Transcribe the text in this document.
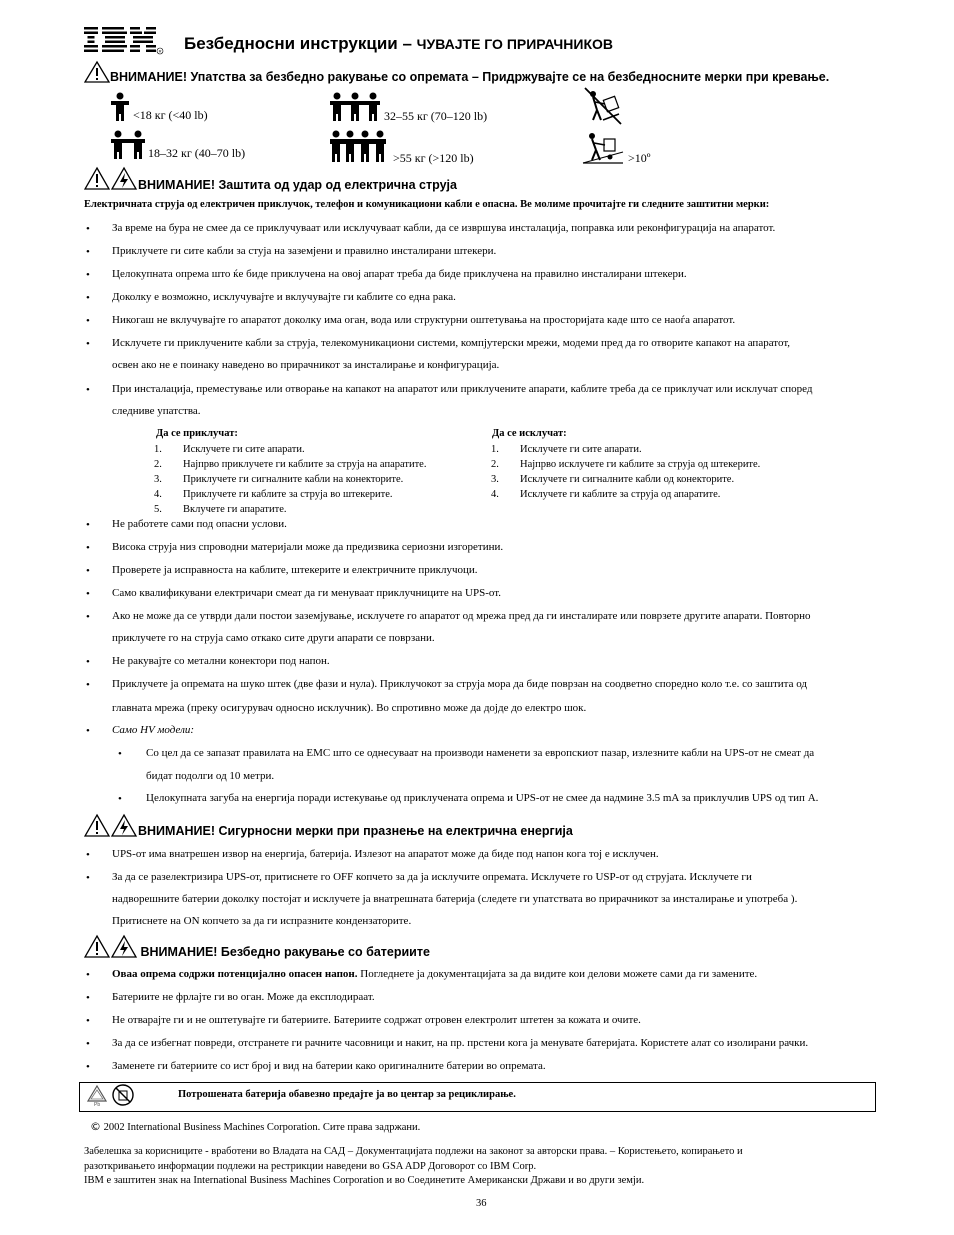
R Безбедносни инструкции – ЧУВАЈТЕ ГО ПРИРАЧНИКОВ
ВНИМАНИЕ! Упатства за безбедно ракување со опремата – Придржувајте се на безбедносните мерки при кревање.
<18 кг (<40 lb)
18–32 кг (40–70 lb)
32–55 кг (70–120 lb)
>55 кг (>120 lb)	>10º
ВНИМАНИЕ! Заштита од удар од електрична струја
Електричната струја од електричен приклучок, телефон и комуникациони кабли е опасна. Ве молиме прочитајте ги следните заштитни мерки:
•	За време на бура не смее да се приклучуваат или исклучуваат кабли, да се извршува инсталација, поправка или реконфигурација на апаратот.
•	Приклучете ги сите кабли за стуја на заземјени и правилно инсталирани штекери.
•	Целокупната опрема што ќе биде приклучена на овој апарат треба да биде приклучена на правилно инсталирани штекери.
•	Доколку е возможно, исклучувајте и вклучувајте ги каблите со една рака.
•	Никогаш не вклучувајте го апаратот доколку има оган, вода или структурни оштетувања на просторијата каде што се наоѓа апаратот.
•	Исклучете ги приклучените кабли за струја, телекомуникациони системи, компјутерски мрежи, модеми пред да го отворите капакот на апаратот,
освен ако не е поинаку наведено во прирачникот за инсталирање и конфигурација.
•	При инсталација, преместување или отворање на капакот на апаратот или приклучените апарати, каблите треба да се приклучат или исклучат според
следниве упатства.
Да се приклучат:
1. Исклучете ги сите апарати.
2. Најпрво приклучете ги каблите за струја на апаратите.
3. Приклучете ги сигналните кабли на конекторите.
4. Приклучете ги каблите за струја во штекерите.
5. Вклучете ги апаратите.
Да се исклучат:
1. Исклучете ги сите апарати.
2. Најпрво исклучете ги каблите за струја од штекерите.
3. Исклучете ги сигналните кабли од конекторите.
4. Исклучете ги каблите за струја од апаратите.
•	Не работете сами под опасни услови.
•	Висока струја низ спроводни материјали може да предизвика сериозни изгоретини.
•	Проверете ја исправноста на каблите, штекерите и електричните приклучоци.
•	Само квалификувани електричари смеат да ги менуваат приклучниците на UPS-от.
•	Ако не може да се утврди дали постои заземјување, исклучете го апаратот од мрежа пред да ги инсталирате или поврзете другите апарати. Повторно
приклучете го на струја само откако сите други апарати се поврзани.
•	Не ракувајте со метални конектори под напон.
•	Приклучете ја опремата на шуко штек (две фази и нула). Приклучокот за струја мора да биде поврзан на соодветно споредно коло т.е. со заштита од
главната мрежа (преку осигурувач односно исклучник). Во спротивно може да дојде до електро шок.
•	Само HV модели:
• Со цел да се запазат правилата на EMC што се однесуваат на производи наменети за европскиот пазар, излезните кабли на UPS-от не смеат да
бидат подолги од 10 метри.
• Целокупната загуба на енергија поради истекување од приклучената опрема и UPS-от не смее да надмине 3.5 mA за приклучлив UPS од тип A.
ВНИМАНИЕ! Сигурносни мерки при празнење на електрична енергија
•	UPS-от има внатрешен извор на енергија, батерија. Излезот на апаратот може да биде под напон кога тој е исклучен.
•	За да се разелектризира UPS-от, притиснете го OFF копчето за да ја исклучите опремата. Исклучете го USP-от од струјата. Исклучете ги
надворешните батерии доколку постојат и исклучете ја внатрешната батерија (следете ги упатствата во прирачникот за инсталирање и употреба ).
Притиснете на ON копчето за да ги испразните кондензаторите.
ВНИМАНИЕ! Безбедно ракување со батериите
•	Оваа опрема содржи потенцијално опасен напон. Погледнете ја документацијата за да видите кои делови можете сами да ги замените.
•	Батериите не фрлајте ги во оган. Може да експлодираат.
•	Не отварајте ги и не оштетувајте ги батериите. Батериите содржат отровен електролит штетен за кожата и очите.
•	За да се избегнат повреди, отстранете ги рачните часовници и накит, на пр. прстени кога ја менувате батеријата. Користете алат со изолирани рачки.
•	Заменете ги батериите со ист број и вид на батерии како оригиналните батерии во опремата.
Pb
Потрошената батерија обавезно предајте ја во центар за рециклирање.
© 2002 International Business Machines Corporation. Сите права задржани.
Забелешка за корисниците - вработени во Владата на САД – Документацијата подлежи на законот за авторски права. – Користењето, копирањето и
разоткривањето информации подлежи на рестрикции наведени во GSA ADP Договорот со IBM Corp.
IBM е заштитен знак на International Business Machines Corporation и во Соединетите Американски Држави и во други земји.
36
